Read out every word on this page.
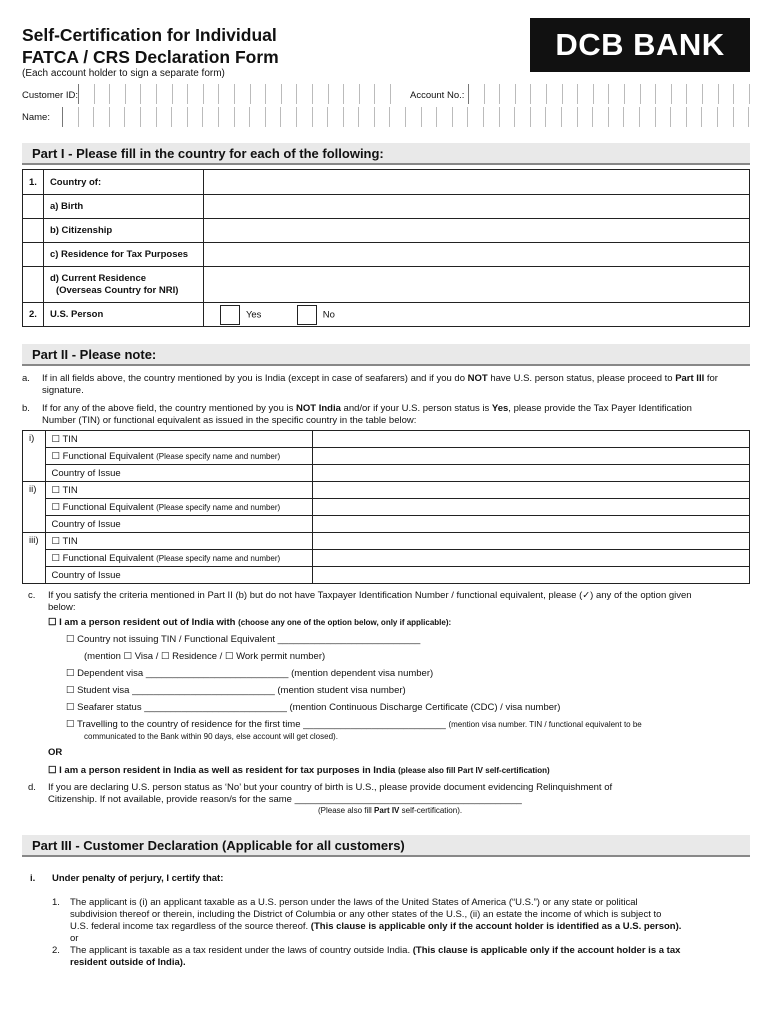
Self-Certification for Individual
FATCA / CRS Declaration Form
(Each account holder to sign a separate form)
DCB BANK
Customer ID:	Account No.:
Name:
Part I - Please fill in the country for each of the following:
1.	Country of:	
	a) Birth	
	b) Citizenship	
	c) Residence for Tax Purposes	

	d) Current Residence
(Overseas Country for NRI)	

2.	U.S. Person	Yes No
Part II - Please note:
a. If in all fields above, the country mentioned by you is India (except in case of seafarers) and if you do NOT have U.S. person status, please proceed to Part III for signature.
b. If for any of the above field, the country mentioned by you is NOT India and/or if your U.S. person status is Yes, please provide the Tax Payer Identification
Number (TIN) or functional equivalent as issued in the specific country in the table below:
i)	☐ TIN	
	☐ Functional Equivalent (Please specify name and number)	
	Country of Issue	
ii)	☐ TIN	
	☐ Functional Equivalent (Please specify name and number)	
	Country of Issue	
iii)	☐ TIN	
	☐ Functional Equivalent (Please specify name and number)	
	Country of Issue	
c. If you satisfy the criteria mentioned in Part II (b) but do not have Taxpayer Identification Number / functional equivalent, please (✓) any of the option given
below:
☐ I am a person resident out of India with (choose any one of the option below, only if applicable):
☐ Country not issuing TIN / Functional Equivalent ___________________________
(mention ☐ Visa / ☐ Residence / ☐ Work permit number)
☐ Dependent visa ___________________________ (mention dependent visa number)
☐ Student visa ___________________________ (mention student visa number)
☐ Seafarer status ___________________________ (mention Continuous Discharge Certificate (CDC) / visa number)
☐ Travelling to the country of residence for the first time ___________________________ (mention visa number. TIN / functional equivalent to be
communicated to the Bank within 90 days, else account will get closed).
OR
☐ I am a person resident in India as well as resident for tax purposes in India (please also fill Part IV self-certification)
d. If you are declaring U.S. person status as ‘No’ but your country of birth is U.S., please provide document evidencing Relinquishment of
Citizenship. If not available, provide reason/s for the same ___________________________________________
(Please also fill Part IV self-certification).
Part III - Customer Declaration (Applicable for all customers)
i. Under penalty of perjury, I certify that:
1. The applicant is (i) an applicant taxable as a U.S. person under the laws of the United States of America (“U.S.”) or any state or political
subdivision thereof or therein, including the District of Columbia or any other states of the U.S., (ii) an estate the income of which is subject to
U.S. federal income tax regardless of the source thereof. (This clause is applicable only if the account holder is identified as a U.S. person).
or
2. The applicant is taxable as a tax resident under the laws of country outside India. (This clause is applicable only if the account holder is a tax
resident outside of India).
